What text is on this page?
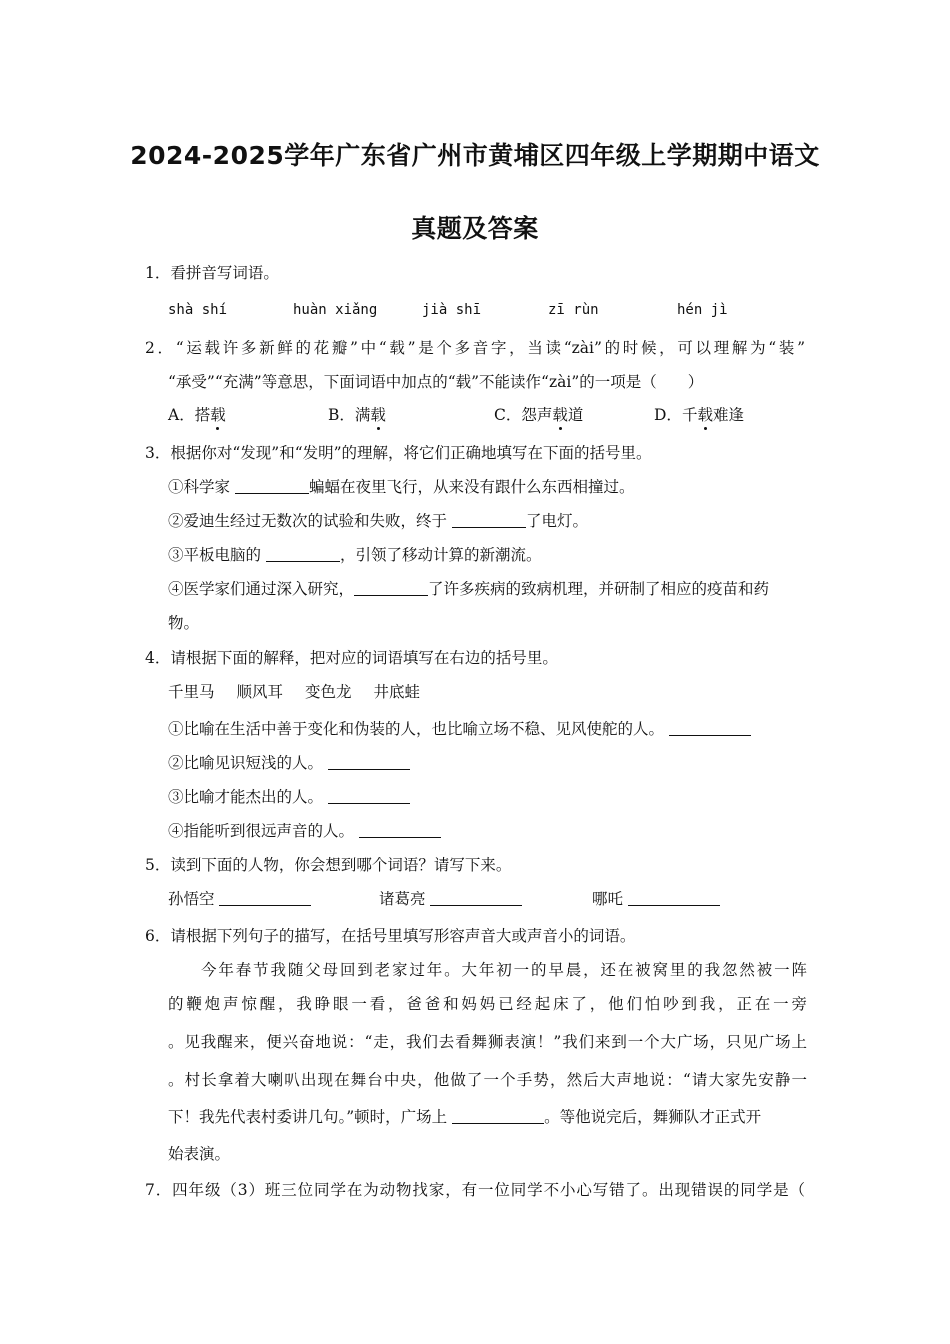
2024-2025学年广东省广州市黄埔区四年级上学期期中语文
真题及答案
1．看拼音写词语。
shà shí	huàn xiǎng	jià shī	zī rùn	hén jì
2．“运载许多新鲜的花瓣”中“载”是个多音字，当读“zài”的时候，可以理解为“装”
“承受”“充满”等意思，下面词语中加点的“载”不能读作“zài”的一项是（　　）
A．搭载	B．满载	C．怨声载道	D．千载难逢
3．根据你对“发现”和“发明”的理解，将它们正确地填写在下面的括号里。
①科学家	蝙蝠在夜里飞行，从来没有跟什么东西相撞过。
②爱迪生经过无数次的试验和失败，终于	了电灯。
③平板电脑的	，引领了移动计算的新潮流。
④医学家们通过深入研究，	了许多疾病的致病机理，并研制了相应的疫苗和药
物。
4．请根据下面的解释，把对应的词语填写在右边的括号里。
千里马 顺风耳 变色龙 井底蛙
①比喻在生活中善于变化和伪装的人，也比喻立场不稳、见风使舵的人。
②比喻见识短浅的人。
③比喻才能杰出的人。
④指能听到很远声音的人。
5．读到下面的人物，你会想到哪个词语？请写下来。
孙悟空	诸葛亮	哪吒
6．请根据下列句子的描写，在括号里填写形容声音大或声音小的词语。
今年春节我随父母回到老家过年。大年初一的早晨，还在被窝里的我忽然被一阵
的鞭炮声惊醒，我睁眼一看，爸爸和妈妈已经起床了，他们怕吵到我，正在一旁
。见我醒来，便兴奋地说：“走，我们去看舞狮表演！”我们来到一个大广场，只见广场上
。村长拿着大喇叭出现在舞台中央，他做了一个手势，然后大声地说：“请大家先安静一
下！我先代表村委讲几句。”顿时，广场上	。等他说完后，舞狮队才正式开
始表演。
7．四年级（3）班三位同学在为动物找家，有一位同学不小心写错了。出现错误的同学是（
